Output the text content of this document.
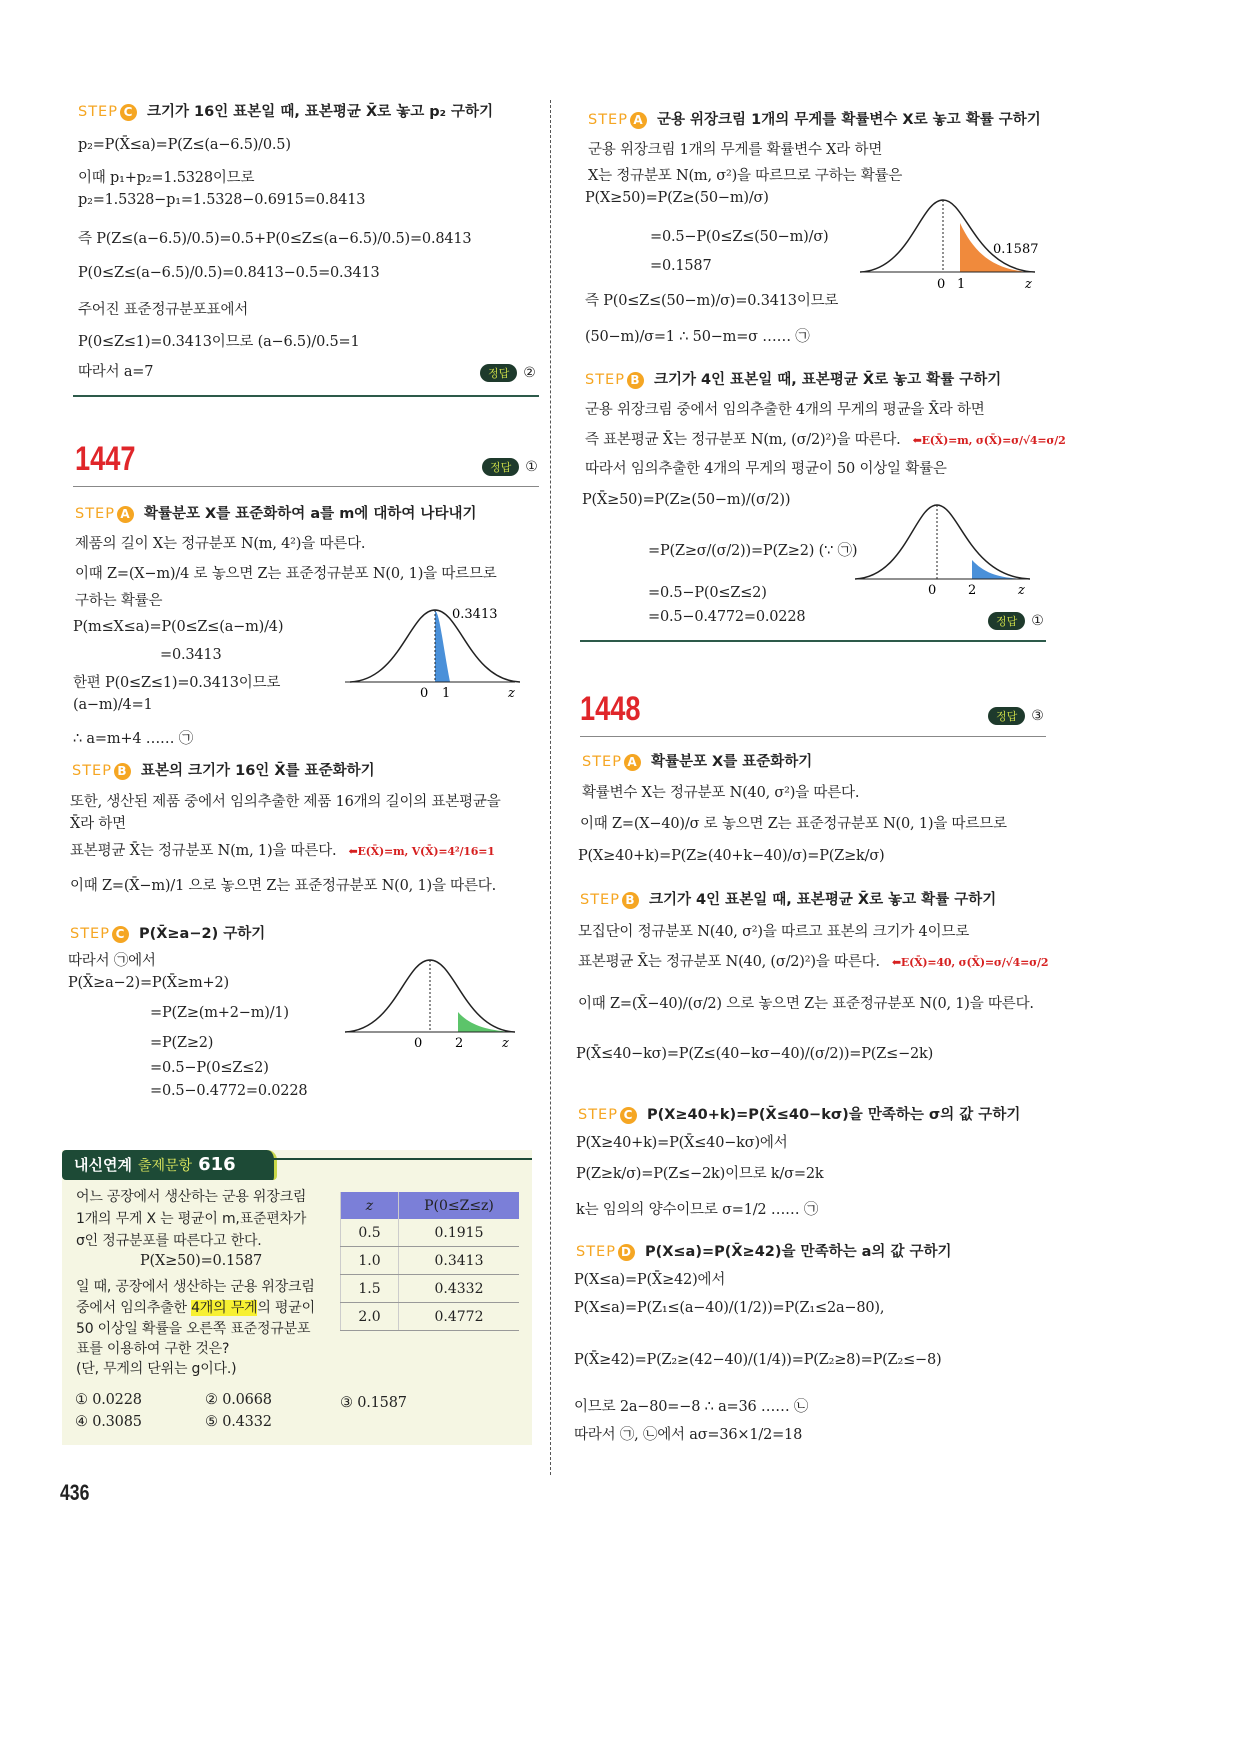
1447
1448
정답 ②
정답 ①
정답 ①
정답 ③
STEP C 크기가 16인 표본일 때, 표본평균 X̄로 놓고 p₂ 구하기
p₂=P(X̄≤a)=P(Z≤(a−6.5)/0.5)
이때 p₁+p₂=1.5328이므로
p₂=1.5328−p₁=1.5328−0.6915=0.8413
즉 P(Z≤(a−6.5)/0.5)=0.5+P(0≤Z≤(a−6.5)/0.5)=0.8413
P(0≤Z≤(a−6.5)/0.5)=0.8413−0.5=0.3413
주어진 표준정규분포표에서
P(0≤Z≤1)=0.3413이므로 (a−6.5)/0.5=1
따라서 a=7
STEP A 확률분포 X를 표준화하여 a를 m에 대하여 나타내기
제품의 길이 X는 정규분포 N(m, 4²)을 따른다.
이때 Z=(X−m)/4 로 놓으면 Z는 표준정규분포 N(0, 1)을 따르므로
구하는 확률은
P(m≤X≤a)=P(0≤Z≤(a−m)/4)
=0.3413
한편 P(0≤Z≤1)=0.3413이므로
(a−m)/4=1
∴ a=m+4 …… ㉠
STEP B 표본의 크기가 16인 X̄를 표준화하기
또한, 생산된 제품 중에서 임의추출한 제품 16개의 길이의 표본평균을
X̄라 하면
표본평균 X̄는 정규분포 N(m, 1)을 따른다. ⬅E(X̄)=m, V(X̄)=4²/16=1
이때 Z=(X̄−m)/1 으로 놓으면 Z는 표준정규분포 N(0, 1)을 따른다.
STEP C P(X̄≥a−2) 구하기
따라서 ㉠에서
P(X̄≥a−2)=P(X̄≥m+2)
=P(Z≥(m+2−m)/1)
=P(Z≥2)
=0.5−P(0≤Z≤2)
=0.5−0.4772=0.0228
STEP A 군용 위장크림 1개의 무게를 확률변수 X로 놓고 확률 구하기
군용 위장크림 1개의 무게를 확률변수 X라 하면
X는 정규분포 N(m, σ²)을 따르므로 구하는 확률은
P(X≥50)=P(Z≥(50−m)/σ)
=0.5−P(0≤Z≤(50−m)/σ)
=0.1587
즉 P(0≤Z≤(50−m)/σ)=0.3413이므로
(50−m)/σ=1 ∴ 50−m=σ …… ㉠
STEP B 크기가 4인 표본일 때, 표본평균 X̄로 놓고 확률 구하기
군용 위장크림 중에서 임의추출한 4개의 무게의 평균을 X̄라 하면
즉 표본평균 X̄는 정규분포 N(m, (σ/2)²)을 따른다. ⬅E(X̄)=m, σ(X̄)=σ/√4=σ/2
따라서 임의추출한 4개의 무게의 평균이 50 이상일 확률은
P(X̄≥50)=P(Z≥(50−m)/(σ/2))
=P(Z≥σ/(σ/2))=P(Z≥2) (∵ ㉠)
=0.5−P(0≤Z≤2)
=0.5−0.4772=0.0228
STEP A 확률분포 X를 표준화하기
확률변수 X는 정규분포 N(40, σ²)을 따른다.
이때 Z=(X−40)/σ 로 놓으면 Z는 표준정규분포 N(0, 1)을 따르므로
P(X≥40+k)=P(Z≥(40+k−40)/σ)=P(Z≥k/σ)
STEP B 크기가 4인 표본일 때, 표본평균 X̄로 놓고 확률 구하기
모집단이 정규분포 N(40, σ²)을 따르고 표본의 크기가 4이므로
표본평균 X̄는 정규분포 N(40, (σ/2)²)을 따른다. ⬅E(X̄)=40, σ(X̄)=σ/√4=σ/2
이때 Z=(X̄−40)/(σ/2) 으로 놓으면 Z는 표준정규분포 N(0, 1)을 따른다.
P(X̄≤40−kσ)=P(Z≤(40−kσ−40)/(σ/2))=P(Z≤−2k)
STEP C P(X≥40+k)=P(X̄≤40−kσ)을 만족하는 σ의 값 구하기
P(X≥40+k)=P(X̄≤40−kσ)에서
P(Z≥k/σ)=P(Z≤−2k)이므로 k/σ=2k
k는 임의의 양수이므로 σ=1/2 …… ㉠
STEP D P(X≤a)=P(X̄≥42)을 만족하는 a의 값 구하기
P(X≤a)=P(X̄≥42)에서
P(X≤a)=P(Z₁≤(a−40)/(1/2))=P(Z₁≤2a−80),
P(X̄≥42)=P(Z₂≥(42−40)/(1/4))=P(Z₂≥8)=P(Z₂≤−8)
이므로 2a−80=−8 ∴ a=36 …… ㉡
따라서 ㉠, ㉡에서 aσ=36×1/2=18
0.3413
0 1	z
0	2	z
0.1587
0 1	z
0 2	z
내신연계 출제문항 616
어느 공장에서 생산하는 군용 위장크림
1개의 무게 X 는 평균이 m,표준편차가
σ인 정규분포를 따른다고 한다.
P(X≥50)=0.1587
일 때, 공장에서 생산하는 군용 위장크림
중에서 임의추출한 4개의 무게의 평균이
50 이상일 확률을 오른쪽 표준정규분포
표를 이용하여 구한 것은?
(단, 무게의 단위는 g이다.)
z	P(0≤Z≤z)
0.5	0.1915
1.0	0.3413
1.5	0.4332
2.0	0.4772
① 0.0228	② 0.0668	③ 0.1587
④ 0.3085	⑤ 0.4332
436
